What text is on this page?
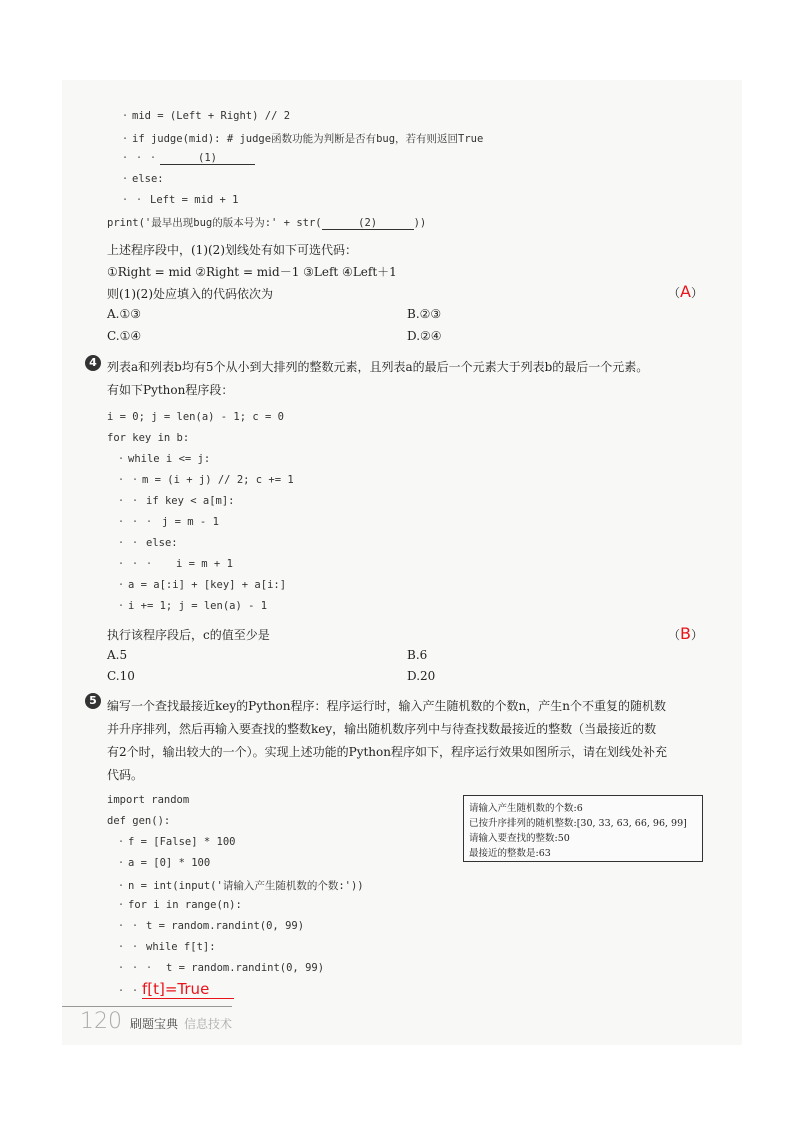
· mid = (Left + Right) // 2
· if judge(mid): # judge函数功能为判断是否有bug，若有则返回True
· · ·	(1)
· else:
· · Left = mid + 1
print('最早出现bug的版本号为:' + str(	(2)	))
上述程序段中，(1)(2)划线处有如下可选代码：
①Right = mid ②Right = mid－1 ③Left ④Left＋1
则(1)(2)处应填入的代码依次为	（A）
A.①③	B.②③
C.①④	D.②④
4 列表a和列表b均有5个从小到大排列的整数元素，且列表a的最后一个元素大于列表b的最后一个元素。
有如下Python程序段：
i = 0; j = len(a) - 1; c = 0
for key in b:
· while i <= j:
· · m = (i + j) // 2; c += 1
· · if key < a[m]:
· · · j = m - 1
· · else:
· · · i = m + 1
· a = a[:i] + [key] + a[i:]
· i += 1; j = len(a) - 1
执行该程序段后，c的值至少是	（B）
A.5	B.6
C.10	D.20
5 编写一个查找最接近key的Python程序：程序运行时，输入产生随机数的个数n，产生n个不重复的随机数
并升序排列，然后再输入要查找的整数key，输出随机数序列中与待查找数最接近的整数（当最接近的数
有2个时，输出较大的一个）。实现上述功能的Python程序如下，程序运行效果如图所示，请在划线处补充
代码。
import random
def gen():
· f = [False] * 100
· a = [0] * 100
· n = int(input('请输入产生随机数的个数:'))
· for i in range(n):
· · t = random.randint(0, 99)
· · while f[t]:
· · · t = random.randint(0, 99)
· · f[t]=True
请输入产生随机数的个数:6
已按升序排列的随机整数:[30, 33, 63, 66, 96, 99]
请输入要查找的整数:50
最接近的整数是:63
120 刷题宝典 信息技术
